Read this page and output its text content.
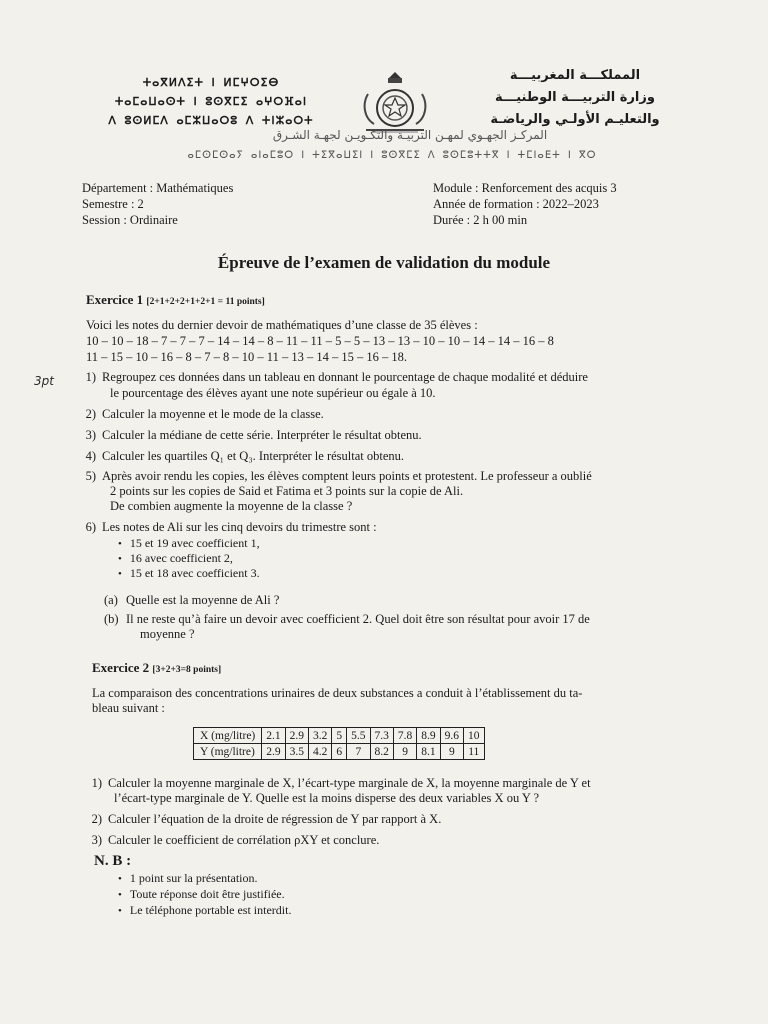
ⵜⴰⴳⵍⴷⵉⵜ ⵏ ⵍⵎⵖⵔⵉⴱ
ⵜⴰⵎⴰⵡⴰⵙⵜ ⵏ ⵓⵙⴳⵎⵉ ⴰⵖⵔⴼⴰⵏ
ⴷ ⵓⵙⵍⵎⴷ ⴰⵎⵣⵡⴰⵔⵓ ⴷ ⵜⵏⵣⴰⵔⵜ
المملكـــة المغربيـــة
وزارة التربيـــة الوطنيـــة
والتعليـم الأولـي والرياضـة
المركـز الجهـوي لمهـن التربيـة والتكـويـن لجهـة الشـرق
ⴰⵎⵙⵎⵙⴰⵢ ⴰⵏⴰⵎⵓⵔ ⵏ ⵜⵉⴳⴰⵡⵉⵏ ⵏ ⵓⵙⴳⵎⵉ ⴷ ⵓⵙⵎⵓⵜⵜⴳ ⵏ ⵜⵎⵏⴰⴹⵜ ⵏ ⴳⵔ
Département : Mathématiques
Semestre : 2
Session : Ordinaire
Module : Renforcement des acquis 3
Année de formation : 2022–2023
Durée : 2 h 00 min
Épreuve de l’examen de validation du module
Exercice 1 [2+1+2+2+1+2+1 = 11 points]
Voici les notes du dernier devoir de mathématiques d’une classe de 35 élèves :
10 – 10 – 18 – 7 – 7 – 7 – 14 – 14 – 8 – 11 – 11 – 5 – 5 – 13 – 13 – 10 – 10 – 14 – 14 – 16 – 8
11 – 15 – 10 – 16 – 8 – 7 – 8 – 10 – 11 – 13 – 14 – 15 – 16 – 18.
3pt	1) Regroupez ces données dans un tableau en donnant le pourcentage de chaque modalité et déduire
le pourcentage des élèves ayant une note supérieur ou égale à 10.
2) Calculer la moyenne et le mode de la classe.
3) Calculer la médiane de cette série. Interpréter le résultat obtenu.
4) Calculer les quartiles Q₁ et Q₃. Interpréter le résultat obtenu.
5) Après avoir rendu les copies, les élèves comptent leurs points et protestent. Le professeur a oublié
2 points sur les copies de Said et Fatima et 3 points sur la copie de Ali.
De combien augmente la moyenne de la classe ?
6) Les notes de Ali sur les cinq devoirs du trimestre sont :
• 15 et 19 avec coefficient 1,
• 16 avec coefficient 2,
• 15 et 18 avec coefficient 3.
(a) Quelle est la moyenne de Ali ?
(b) Il ne reste qu’à faire un devoir avec coefficient 2. Quel doit être son résultat pour avoir 17 de
moyenne ?
Exercice 2 [3+2+3=8 points]
La comparaison des concentrations urinaires de deux substances a conduit à l’établissement du ta-
bleau suivant :
X (mg/litre)	2.1	2.9	3.2	5	5.5	7.3	7.8	8.9	9.6	10
Y (mg/litre)	2.9	3.5	4.2	6	7	8.2	9	8.1	9	11
1) Calculer la moyenne marginale de X, l’écart-type marginale de X, la moyenne marginale de Y et
l’écart-type marginale de Y. Quelle est la moins disperse des deux variables X ou Y ?
2) Calculer l’équation de la droite de régression de Y par rapport à X.
3) Calculer le coefficient de corrélation ρXY et conclure.
N. B :
• 1 point sur la présentation.
• Toute réponse doit être justifiée.
• Le téléphone portable est interdit.
